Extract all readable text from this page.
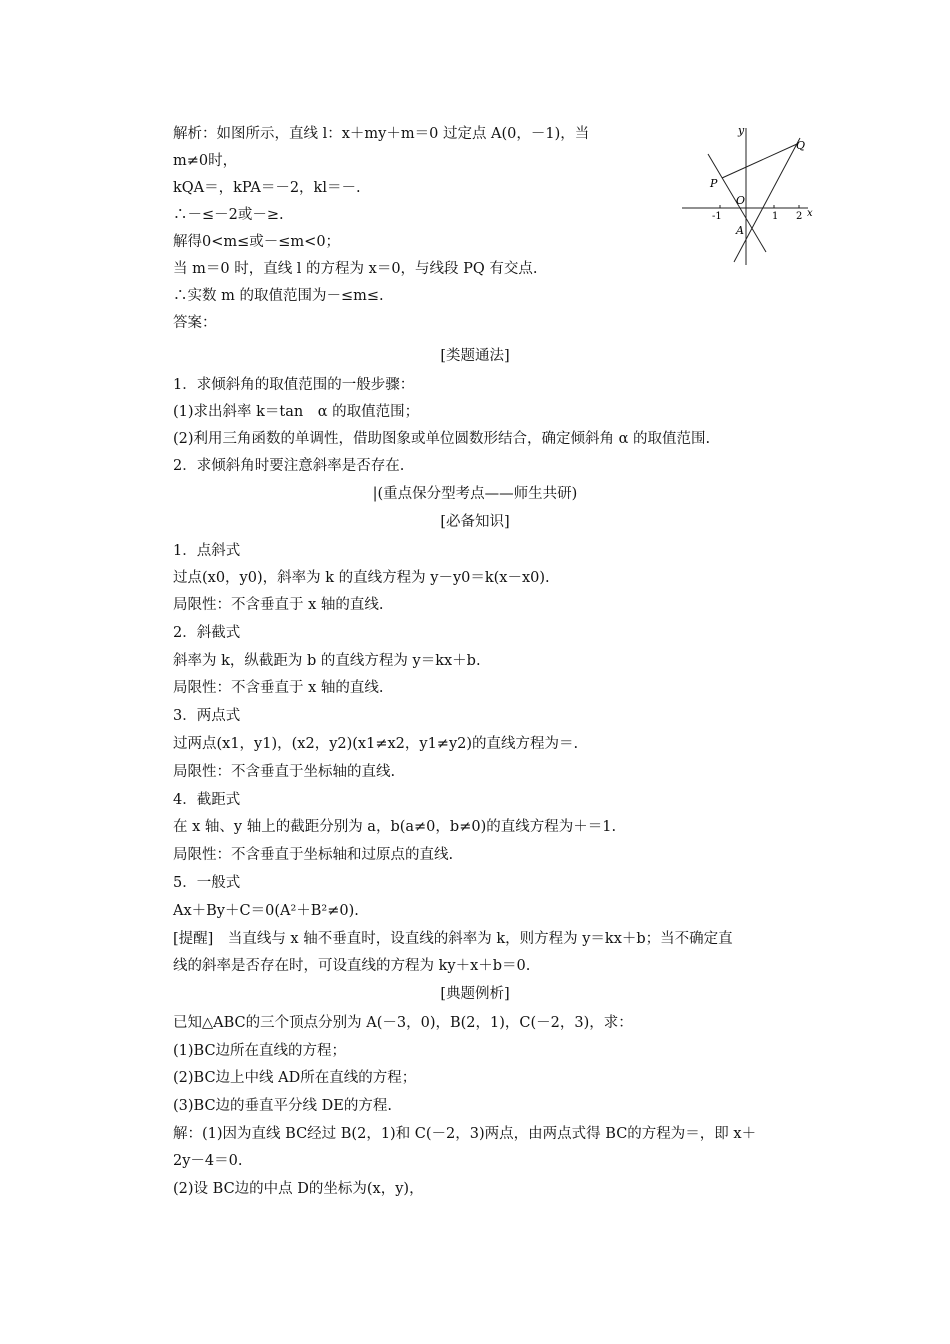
解析：如图所示，直线 l：x＋my＋m＝0 过定点 A(0，－1)，当
m≠0时，
kQA＝，kPA＝－2，kl＝－.
∴－≤－2或－≥.
解得0<m≤或－≤m<0；
当 m＝0 时，直线 l 的方程为 x＝0，与线段 PQ 有交点.
∴实数 m 的取值范围为－≤m≤.
答案：
y
Q
P
O
A
x
-1	1 2
[类题通法]
1．求倾斜角的取值范围的一般步骤：
(1)求出斜率 k＝tan　α 的取值范围；
(2)利用三角函数的单调性，借助图象或单位圆数形结合，确定倾斜角 α 的取值范围.
2．求倾斜角时要注意斜率是否存在.
|(重点保分型考点——师生共研)
[必备知识]
1．点斜式
过点(x0，y0)，斜率为 k 的直线方程为 y－y0＝k(x－x0).
局限性：不含垂直于 x 轴的直线.
2．斜截式
斜率为 k，纵截距为 b 的直线方程为 y＝kx＋b.
局限性：不含垂直于 x 轴的直线.
3．两点式
过两点(x1，y1)，(x2，y2)(x1≠x2，y1≠y2)的直线方程为＝.
局限性：不含垂直于坐标轴的直线.
4．截距式
在 x 轴、y 轴上的截距分别为 a，b(a≠0，b≠0)的直线方程为＋＝1.
局限性：不含垂直于坐标轴和过原点的直线.
5．一般式
Ax＋By＋C＝0(A²＋B²≠0).
[提醒]　当直线与 x 轴不垂直时，设直线的斜率为 k，则方程为 y＝kx＋b；当不确定直
线的斜率是否存在时，可设直线的方程为 ky＋x＋b＝0.
[典题例析]
已知△ABC的三个顶点分别为 A(－3，0)，B(2，1)，C(－2，3)，求：
(1)BC边所在直线的方程；
(2)BC边上中线 AD所在直线的方程；
(3)BC边的垂直平分线 DE的方程.
解：(1)因为直线 BC经过 B(2，1)和 C(－2，3)两点，由两点式得 BC的方程为＝，即 x＋
2y－4＝0.
(2)设 BC边的中点 D的坐标为(x，y)，
